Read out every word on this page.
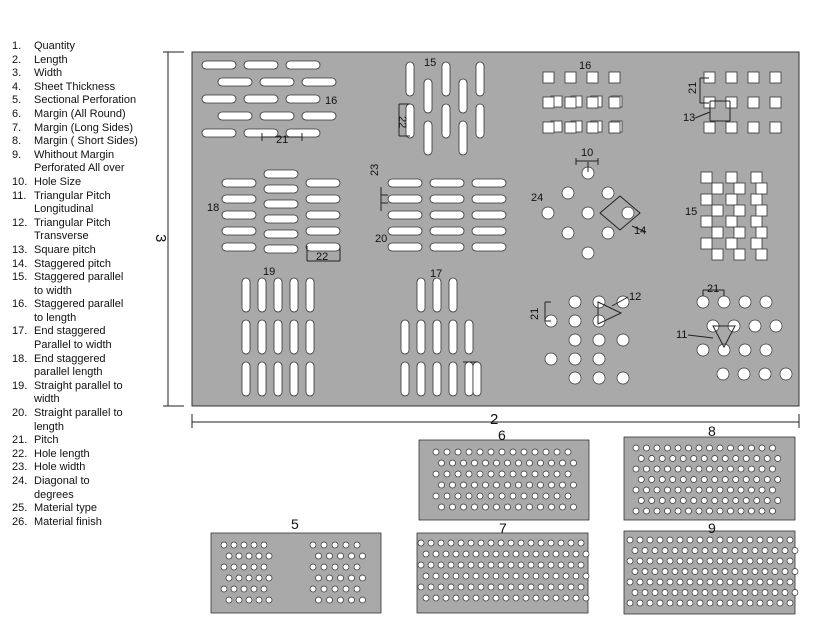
1. Quantity
2. Length
3. Width
4. Sheet Thickness
5. Sectional Perforation
6. Margin (All Round)
7. Margin (Long Sides)
8. Margin ( Short Sides)
9. Whithout Margin
Perforated All over
10. Hole Size
11. Triangular Pitch
Longitudinal
12. Triangular Pitch
Transverse
13. Square pitch
14. Staggered pitch
15. Staggered parallel
to width
16. Staggered parallel
to length
17. End staggered
Parallel to width
18. End staggered
parallel length
19. Straight parallel to
width
20. Straight parallel to
length
21. Pitch
22. Hole length
23. Hole width
24. Diagonal to
degrees
25. Material type
26. Material finish
3
2
16
21
15
22
16
21
13
10
24
14
15
18
23
20
22
19	17
21
12
21
11
5
6
7
8
9
